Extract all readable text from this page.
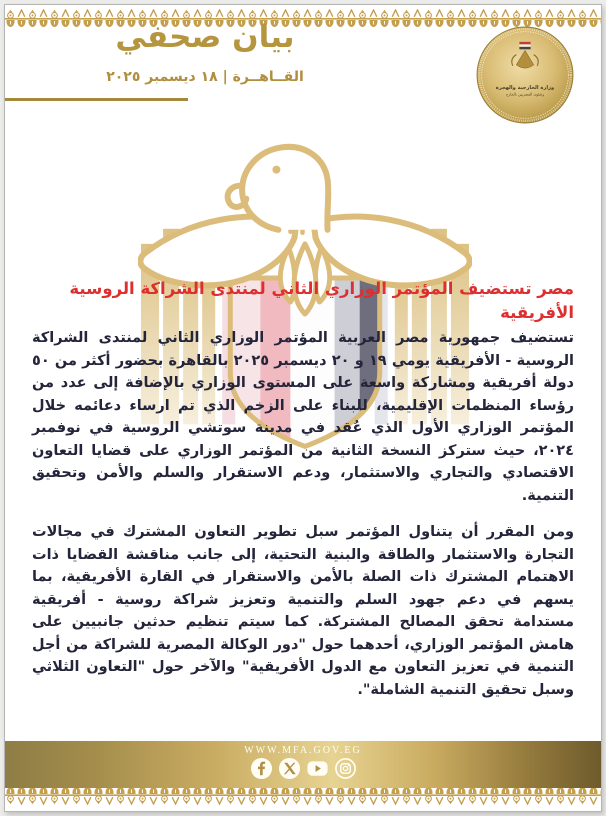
بيان صحفي
القــاهــرة | ١٨ ديسمبر ٢٠٢٥
وزارة الخارجية والهجرة
وشئون المصريين بالخارج
مصر تستضيف المؤتمر الوزاري الثاني لمنتدى الشراكة الروسية الأفريقية

تستضيف جمهورية مصر العربية المؤتمر الوزاري الثاني لمنتدى الشراكة الروسية - الأفريقية يومي ١٩ و ٢٠ ديسمبر ٢٠٢٥ بالقاهرة بحضور أكثر من ٥٠ دولة أفريقية ومشاركة واسعة على المستوى الوزاري بالإضافة إلى عدد من رؤساء المنظمات الإقليمية، للبناء على الزخم الذي تم ارساء دعائمه خلال المؤتمر الوزاري الأول الذي عُقد في مدينة سوتشي الروسية في نوفمبر ٢٠٢٤، حيث ستركز النسخة الثانية من المؤتمر الوزاري على قضايا التعاون الاقتصادي والتجاري والاستثمار، ودعم الاستقرار والسلم والأمن وتحقيق التنمية.

ومن المقرر أن يتناول المؤتمر سبل تطوير التعاون المشترك في مجالات التجارة والاستثمار والطاقة والبنية التحتية، إلى جانب مناقشة القضايا ذات الاهتمام المشترك ذات الصلة بالأمن والاستقرار في القارة الأفريقية، بما يسهم في دعم جهود السلم والتنمية وتعزيز شراكة روسية - أفريقية مستدامة تحقق المصالح المشتركة. كما سيتم تنظيم حدثين جانبيين على هامش المؤتمر الوزاري، أحدهما حول "دور الوكالة المصرية للشراكة من أجل التنمية في تعزيز التعاون مع الدول الأفريقية" والآخر حول "التعاون الثلاثي وسبل تحقيق التنمية الشاملة".

WWW.MFA.GOV.EG
